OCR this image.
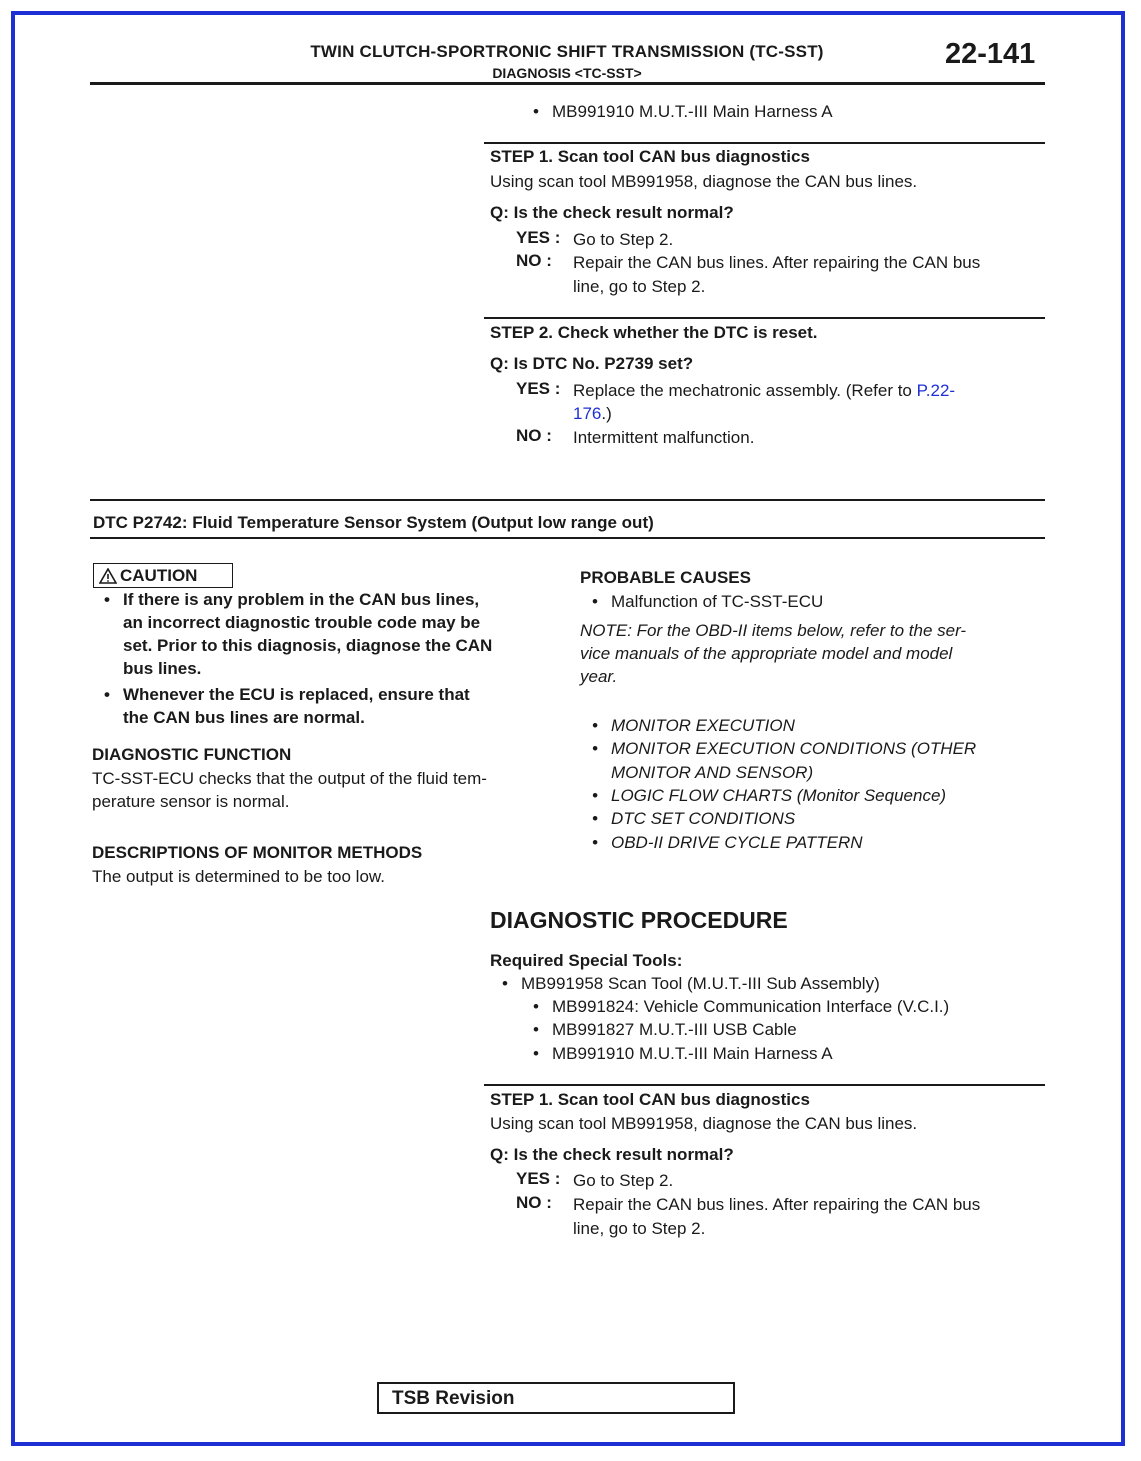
TWIN CLUTCH-SPORTRONIC SHIFT TRANSMISSION (TC-SST)
DIAGNOSIS <TC-SST>
22-141
• MB991910 M.U.T.-III Main Harness A
STEP 1. Scan tool CAN bus diagnostics
Using scan tool MB991958, diagnose the CAN bus lines.
Q: Is the check result normal?
YES : Go to Step 2.
NO : Repair the CAN bus lines. After repairing the CAN bus
line, go to Step 2.
STEP 2. Check whether the DTC is reset.
Q: Is DTC No. P2739 set?
YES : Replace the mechatronic assembly. (Refer to P.22-
176.)
NO : Intermittent malfunction.
DTC P2742: Fluid Temperature Sensor System (Output low range out)
CAUTION
• If there is any problem in the CAN bus lines,
an incorrect diagnostic trouble code may be
set. Prior to this diagnosis, diagnose the CAN
bus lines.
• Whenever the ECU is replaced, ensure that
the CAN bus lines are normal.
DIAGNOSTIC FUNCTION
TC-SST-ECU checks that the output of the fluid tem-
perature sensor is normal.
DESCRIPTIONS OF MONITOR METHODS
The output is determined to be too low.
PROBABLE CAUSES
• Malfunction of TC-SST-ECU
NOTE: For the OBD-II items below, refer to the ser-
vice manuals of the appropriate model and model
year.
• MONITOR EXECUTION
• MONITOR EXECUTION CONDITIONS (OTHER
MONITOR AND SENSOR)
• LOGIC FLOW CHARTS (Monitor Sequence)
• DTC SET CONDITIONS
• OBD-II DRIVE CYCLE PATTERN
DIAGNOSTIC PROCEDURE
Required Special Tools:
• MB991958 Scan Tool (M.U.T.-III Sub Assembly)
• MB991824: Vehicle Communication Interface (V.C.I.)
• MB991827 M.U.T.-III USB Cable
• MB991910 M.U.T.-III Main Harness A
STEP 1. Scan tool CAN bus diagnostics
Using scan tool MB991958, diagnose the CAN bus lines.
Q: Is the check result normal?
YES : Go to Step 2.
NO : Repair the CAN bus lines. After repairing the CAN bus
line, go to Step 2.
TSB Revision
